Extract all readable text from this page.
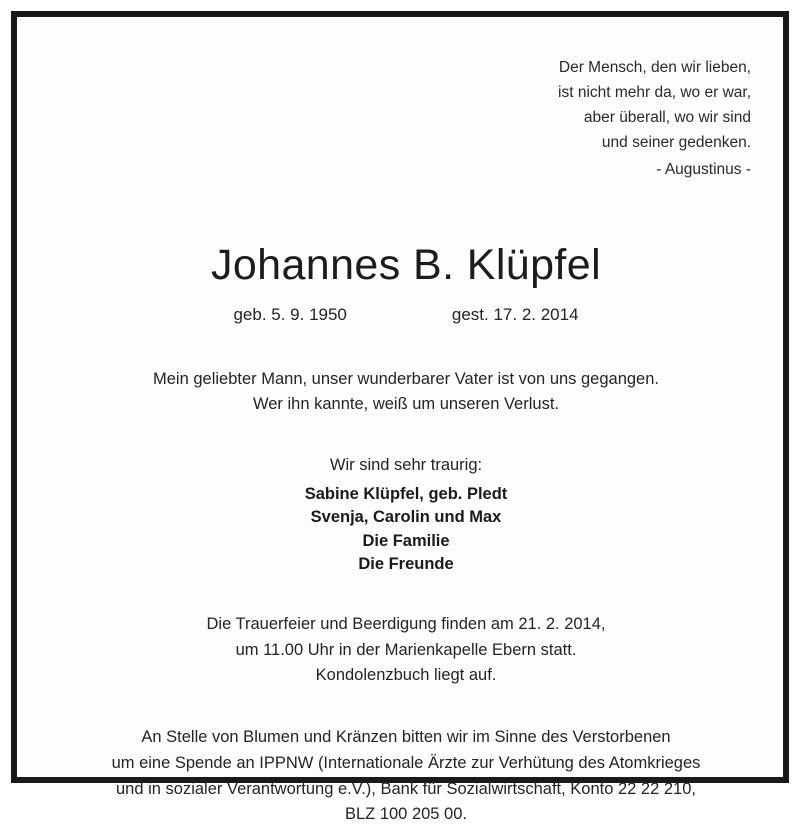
Der Mensch, den wir lieben,
ist nicht mehr da, wo er war,
aber überall, wo wir sind
und seiner gedenken.
- Augustinus -
Johannes B. Klüpfel
geb. 5. 9. 1950	gest. 17. 2. 2014
Mein geliebter Mann, unser wunderbarer Vater ist von uns gegangen.
Wer ihn kannte, weiß um unseren Verlust.
Wir sind sehr traurig:
Sabine Klüpfel, geb. Pledt
Svenja, Carolin und Max
Die Familie
Die Freunde
Die Trauerfeier und Beerdigung finden am 21. 2. 2014,
um 11.00 Uhr in der Marienkapelle Ebern statt.
Kondolenzbuch liegt auf.
An Stelle von Blumen und Kränzen bitten wir im Sinne des Verstorbenen
um eine Spende an IPPNW (Internationale Ärzte zur Verhütung des Atomkrieges
und in sozialer Verantwortung e.V.), Bank für Sozialwirtschaft, Konto 22 22 210,
BLZ 100 205 00.
